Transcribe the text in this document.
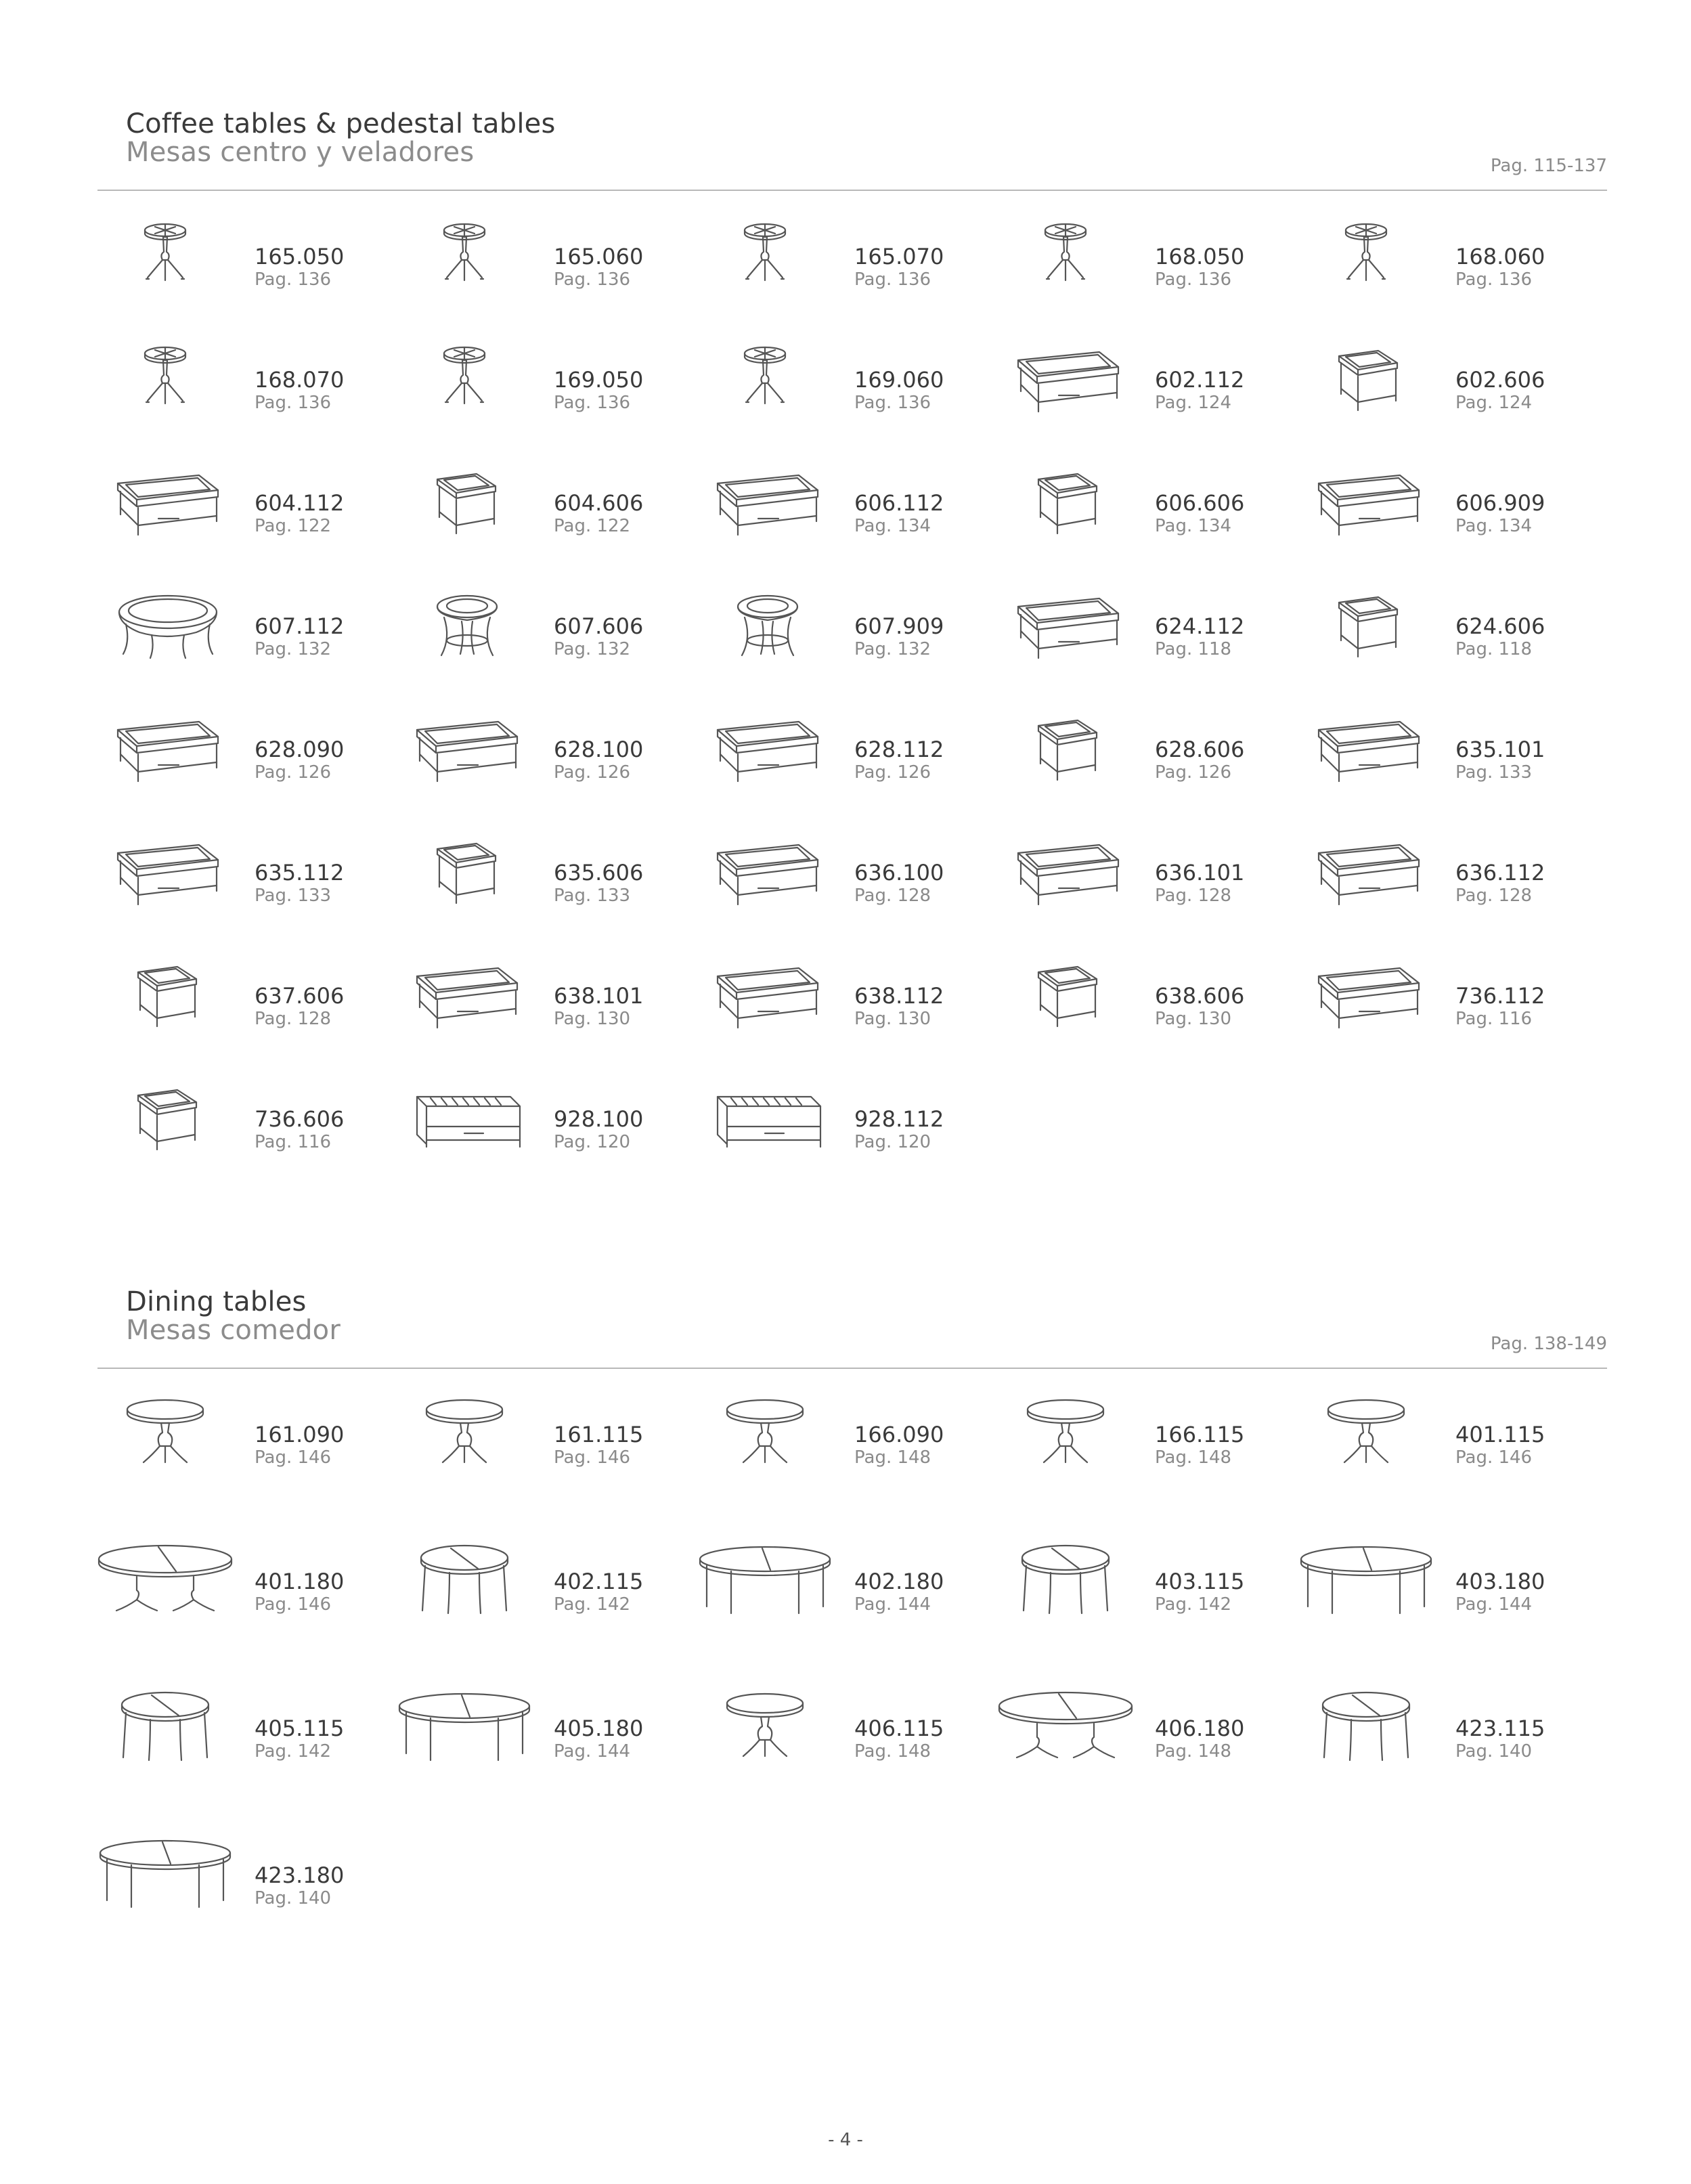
Coffee tables & pedestal tables
Mesas centro y veladores	Pag. 115-137
165.050
Pag. 136
165.060
Pag. 136
165.070
Pag. 136
168.050
Pag. 136
168.060
Pag. 136
168.070
Pag. 136
169.050
Pag. 136
169.060
Pag. 136
602.112
Pag. 124
602.606
Pag. 124
604.112
Pag. 122
604.606
Pag. 122
606.112
Pag. 134
606.606
Pag. 134
606.909
Pag. 134
607.112
Pag. 132
607.606
Pag. 132
607.909
Pag. 132
624.112
Pag. 118
624.606
Pag. 118
628.090
Pag. 126
628.100
Pag. 126
628.112
Pag. 126
628.606
Pag. 126
635.101
Pag. 133
635.112
Pag. 133
635.606
Pag. 133
636.100
Pag. 128
636.101
Pag. 128
636.112
Pag. 128
637.606
Pag. 128
638.101
Pag. 130
638.112
Pag. 130
638.606
Pag. 130
736.112
Pag. 116
736.606
Pag. 116
928.100
Pag. 120
928.112
Pag. 120
Dining tables
Mesas comedor	Pag. 138-149
161.090
Pag. 146
161.115
Pag. 146
166.090
Pag. 148
166.115
Pag. 148
401.115
Pag. 146
401.180
Pag. 146
402.115
Pag. 142
402.180
Pag. 144
403.115
Pag. 142
403.180
Pag. 144
405.115
Pag. 142
405.180
Pag. 144
406.115
Pag. 148
406.180
Pag. 148
423.115
Pag. 140
423.180
Pag. 140
- 4 -
